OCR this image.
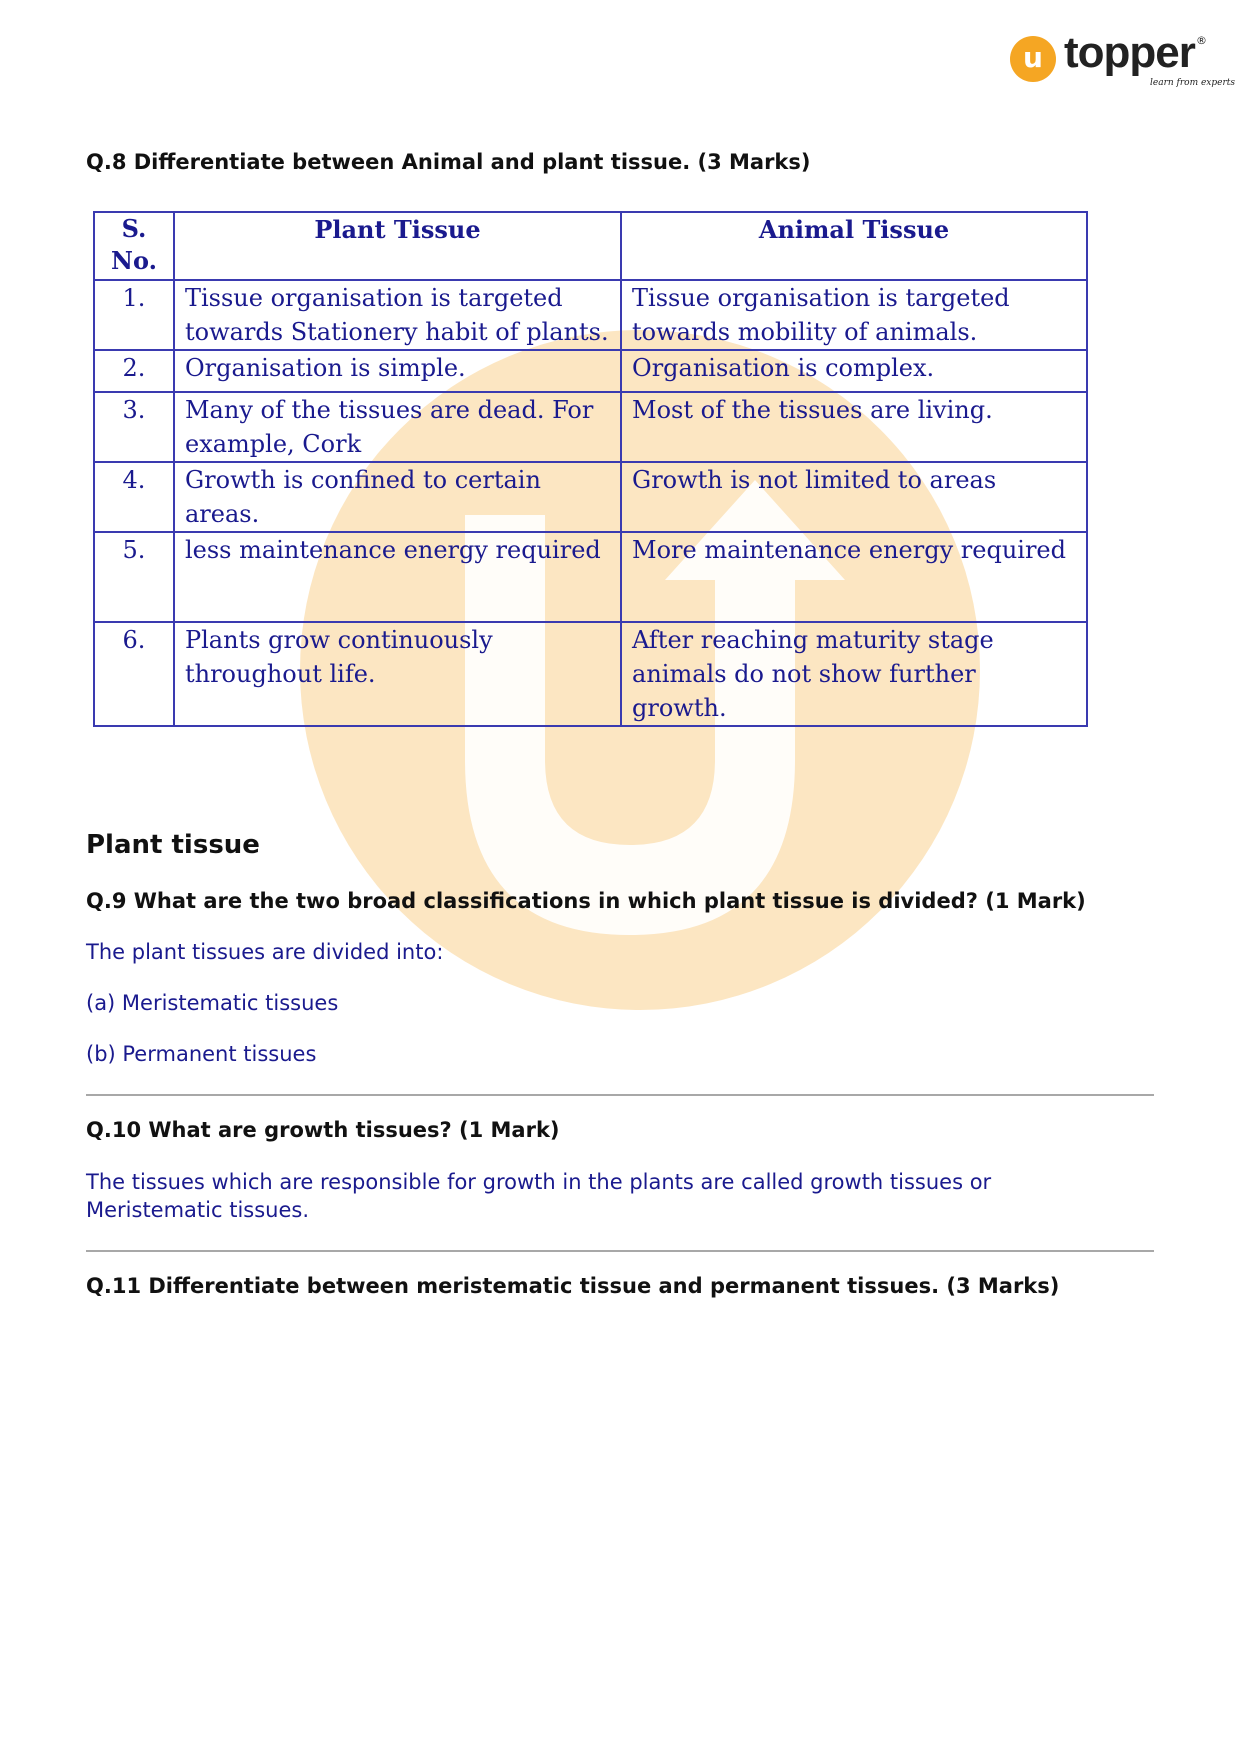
u topper ®
learn from experts
Q.8 Differentiate between Animal and plant tissue. (3 Marks)
S. No.	Plant Tissue	Animal Tissue
1.	Tissue organisation is targeted towards Stationery habit of plants.	Tissue organisation is targeted towards mobility of animals.
2.	Organisation is simple.	Organisation is complex.
3.	Many of the tissues are dead. For example, Cork	Most of the tissues are living.
4.	Growth is confined to certain areas.	Growth is not limited to areas
5.	less maintenance energy required	More maintenance energy required
6.	Plants grow continuously throughout life.	After reaching maturity stage animals do not show further growth.
Plant tissue
Q.9 What are the two broad classifications in which plant tissue is divided? (1 Mark)
The plant tissues are divided into:
(a) Meristematic tissues
(b) Permanent tissues
Q.10 What are growth tissues? (1 Mark)
The tissues which are responsible for growth in the plants are called growth tissues or Meristematic tissues.
Q.11 Differentiate between meristematic tissue and permanent tissues. (3 Marks)
